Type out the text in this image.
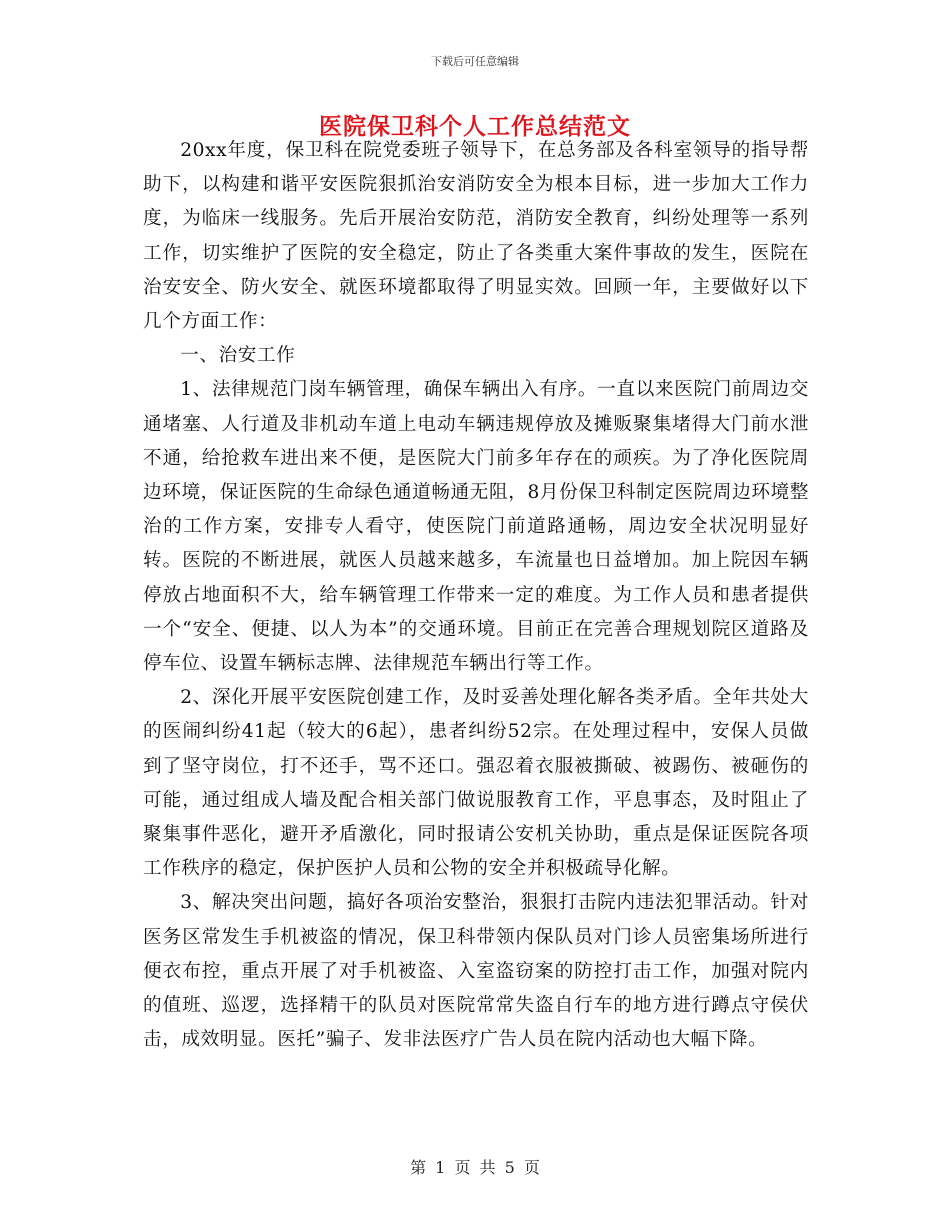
下载后可任意编辑
医院保卫科个人工作总结范文

20xx年度，保卫科在院党委班子领导下，在总务部及各科室领导的指导帮助下，以构建和谐平安医院狠抓治安消防安全为根本目标，进一步加大工作力度，为临床一线服务。先后开展治安防范，消防安全教育，纠纷处理等一系列工作，切实维护了医院的安全稳定，防止了各类重大案件事故的发生，医院在治安安全、防火安全、就医环境都取得了明显实效。回顾一年，主要做好以下几个方面工作：

一、治安工作

1、法律规范门岗车辆管理，确保车辆出入有序。一直以来医院门前周边交通堵塞、人行道及非机动车道上电动车辆违规停放及摊贩聚集堵得大门前水泄不通，给抢救车进出来不便，是医院大门前多年存在的顽疾。为了净化医院周边环境，保证医院的生命绿色通道畅通无阻，8月份保卫科制定医院周边环境整治的工作方案，安排专人看守，使医院门前道路通畅，周边安全状况明显好转。医院的不断进展，就医人员越来越多，车流量也日益增加。加上院因车辆停放占地面积不大，给车辆管理工作带来一定的难度。为工作人员和患者提供一个“安全、便捷、以人为本”的交通环境。目前正在完善合理规划院区道路及停车位、设置车辆标志牌、法律规范车辆出行等工作。

2、深化开展平安医院创建工作，及时妥善处理化解各类矛盾。全年共处大的医闹纠纷41起（较大的6起），患者纠纷52宗。在处理过程中，安保人员做到了坚守岗位，打不还手，骂不还口。强忍着衣服被撕破、被踢伤、被砸伤的可能，通过组成人墙及配合相关部门做说服教育工作，平息事态，及时阻止了聚集事件恶化，避开矛盾激化，同时报请公安机关协助，重点是保证医院各项工作秩序的稳定，保护医护人员和公物的安全并积极疏导化解。

3、解决突出问题，搞好各项治安整治，狠狠打击院内违法犯罪活动。针对医务区常发生手机被盗的情况，保卫科带领内保队员对门诊人员密集场所进行便衣布控，重点开展了对手机被盗、入室盗窃案的防控打击工作，加强对院内的值班、巡逻，选择精干的队员对医院常常失盗自行车的地方进行蹲点守侯伏击，成效明显。医托”骗子、发非法医疗广告人员在院内活动也大幅下降。

第 1 页 共 5 页
